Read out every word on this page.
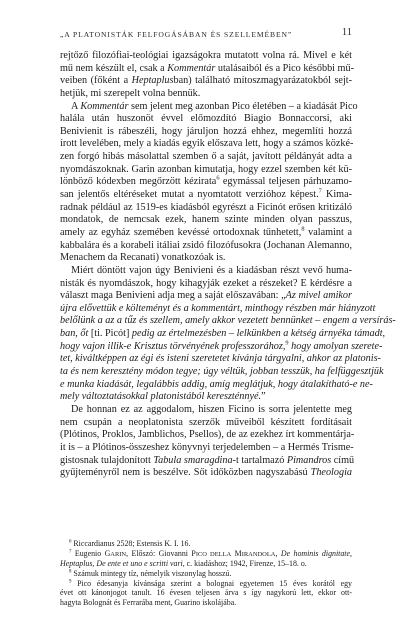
„A PLATONISTÁK FELFOGÁSÁBAN ÉS SZELLEMÉBEN”	11
rejtőző filozófiai-teológiai igazságokra mutatott volna rá. Mivel e két
mű nem készült el, csak a Kommentár utalásaiból és a Pico későbbi mű-
veiben (főként a Heptaplusban) található mítoszmagyarázatokból sejt-
hetjük, mi szerepelt volna bennük.
A Kommentár sem jelent meg azonban Pico életében – a kiadását Pico
halála után huszonöt évvel előmozdító Biagio Bonnaccorsi, aki
Benivienit is rábeszéli, hogy járuljon hozzá ehhez, megemlíti hozzá
írott levelében, mely a kiadás egyik előszava lett, hogy a számos közké-
zen forgó hibás másolattal szemben ő a saját, javított példányát adta a
nyomdászoknak. Garin azonban kimutatja, hogy ezzel szemben két kü-
lönböző kódexben megőrzött kézirata$^6$ egymással teljesen párhuzamo-
san jelentős eltéréseket mutat a nyomtatott verzióhoz képest.$^7$ Kima-
radnak például az 1519-es kiadásból egyrészt a Ficinót erősen kritizáló
mondatok, de nemcsak ezek, hanem szinte minden olyan passzus,
amely az egyház szemében kevéssé ortodoxnak tűnhetett,$^8$ valamint a
kabbalára és a korabeli itáliai zsidó filozófusokra (Jochanan Alemanno,
Menachem da Recanati) vonatkozóak is.
Miért döntött vajon úgy Benivieni és a kiadásban részt vevő huma-
nisták és nyomdászok, hogy kihagyják ezeket a részeket? E kérdésre a
választ maga Benivieni adja meg a saját előszavában: „Az mivel amikor
újra elővettük e költeményt és a kommentárt, minthogy részben már hiányzott
belőlünk a az a tűz és szellem, amely akkor vezetett bennünket – engem a versírás-
ban, őt [ti. Picót] pedig az értelmezésben – lelkünkben a kétség árnyéka támadt,
hogy vajon illik-e Krisztus törvényének professzorához,$^9$ hogy amolyan szerete-
tet, kiváltképpen az égi és isteni szeretetet kívánja tárgyalni, ahkor az platonis-
ta és nem keresztény módon tegye; úgy véltük, jobban tesszük, ha felfüggesztjük
e munka kiadását, legalábbis addig, amíg meglátjuk, hogy átalakítható-e ne-
mely változtatásokkal platonistából kereszténnyé.”
De honnan ez az aggodalom, hiszen Ficino is sorra jelentette meg
nem csupán a neoplatonista szerzők műveiből készített fordításait
(Plótinos, Proklos, Jamblichos, Psellos), de az ezekhez írt kommentárja-
it is – a Plótinos-összeshez könyvnyi terjedelemben – a Hermés Trisme-
gistosnak tulajdonított Tabula smaragdina-t tartalmazó Pimandros című
gyűjteményről nem is beszélve. Sőt időközben nagyszabású Theologia
$^6$ Riccardianus 2528; Estensis K. I. 16.
$^7$ Eugenio GARIN, Előszó: Giovanni PICO DELLA MIRANDOLA, De hominis dignitate,
Heptaplus, De ente et uno e scritti vari, c. kiadáshoz; 1942, Firenze, 15–18. o.
$^8$ Számuk mintegy tíz, némelyik viszonylag hosszú.
$^9$ Pico édesanyja kívánsága szerint a bolognai egyetemen 15 éves korától egy
évet ott kánonjogot tanult. 16 évesen teljesen árva s így nagykorú lett, ekkor ott-
hagyta Bolognát és Ferrarába ment, Guarino iskolájába.
